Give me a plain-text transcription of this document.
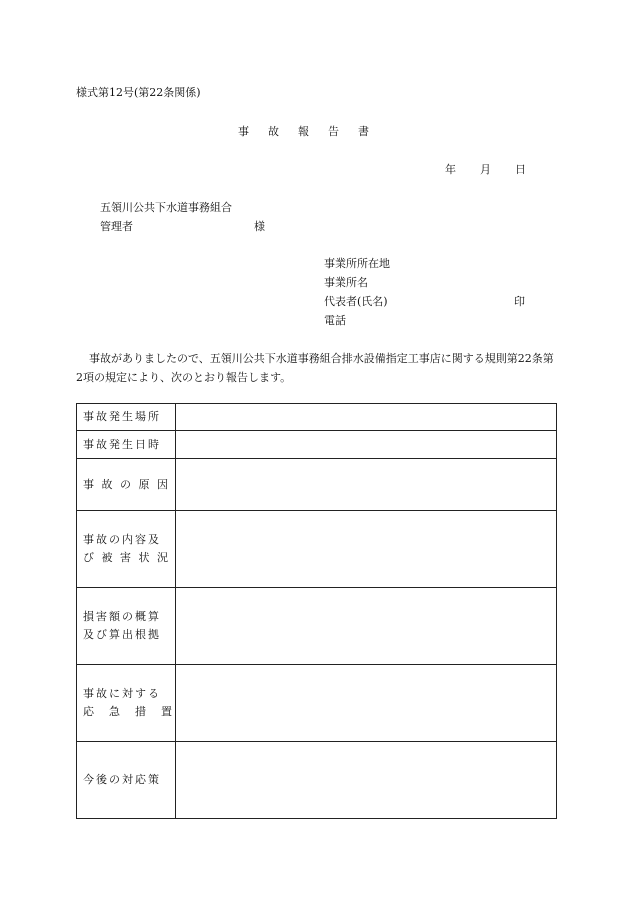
様式第12号(第22条関係)
事 故 報 告 書
年 月 日
五領川公共下水道事務組合
管理者	様
事業所所在地
事業所名
代表者(氏名)	印
電話
事故がありましたので、五領川公共下水道事務組合排水設備指定工事店に関する規則第22条第2項の規定により、次のとおり報告します。
事故発生場所	

事故発生日時	

事 故 の 原 因	

事故の内容及
び 被 害 状 況	

損害額の概算
及び算出根拠	

事故に対する
応　急　措　置	

今後の対応策	
